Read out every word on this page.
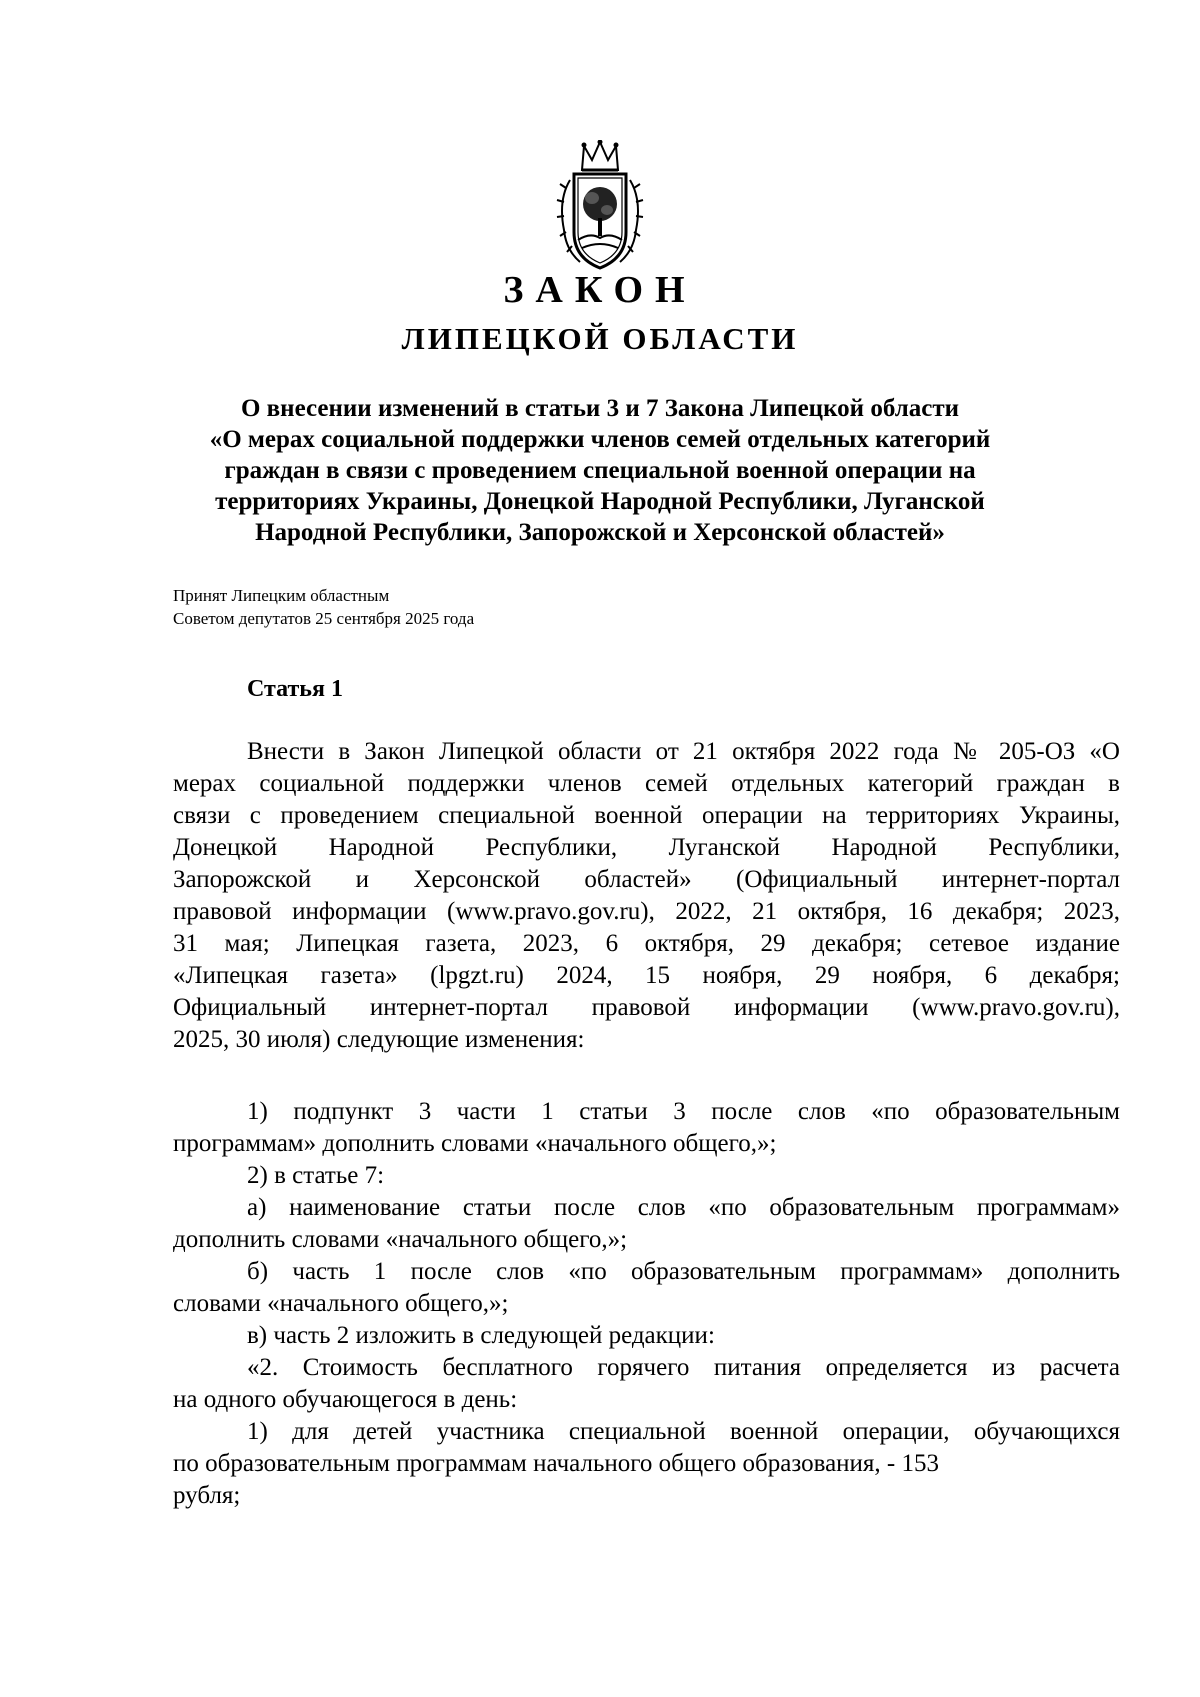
ЗАКОН
ЛИПЕЦКОЙ ОБЛАСТИ
О внесении изменений в статьи 3 и 7 Закона Липецкой области
«О мерах социальной поддержки членов семей отдельных категорий
граждан в связи с проведением специальной военной операции на
территориях Украины, Донецкой Народной Республики, Луганской
Народной Республики, Запорожской и Херсонской областей»
Принят Липецким областным
Советом депутатов 25 сентября 2025 года
Статья 1

Внести в Закон Липецкой области от 21 октября 2022 года № 205-ОЗ «О

мерах социальной поддержки членов семей отдельных категорий граждан в

связи с проведением специальной военной операции на территориях Украины,

Донецкой Народной Республики, Луганской Народной Республики,

Запорожской и Херсонской областей» (Официальный интернет-портал

правовой информации (www.pravo.gov.ru), 2022, 21 октября, 16 декабря; 2023,

31 мая; Липецкая газета, 2023, 6 октября, 29 декабря; сетевое издание

«Липецкая газета» (lpgzt.ru) 2024, 15 ноября, 29 ноября, 6 декабря;

Официальный интернет-портал правовой информации (www.pravo.gov.ru),

2025, 30 июля) следующие изменения:

1) подпункт 3 части 1 статьи 3 после слов «по образовательным

программам» дополнить словами «начального общего,»;

2) в статье 7:

а) наименование статьи после слов «по образовательным программам»

дополнить словами «начального общего,»;

б) часть 1 после слов «по образовательным программам» дополнить

словами «начального общего,»;

в) часть 2 изложить в следующей редакции:

«2. Стоимость бесплатного горячего питания определяется из расчета

на одного обучающегося в день:

1) для детей участника специальной военной операции, обучающихся

по образовательным программам начального общего образования, - 153

рубля;
